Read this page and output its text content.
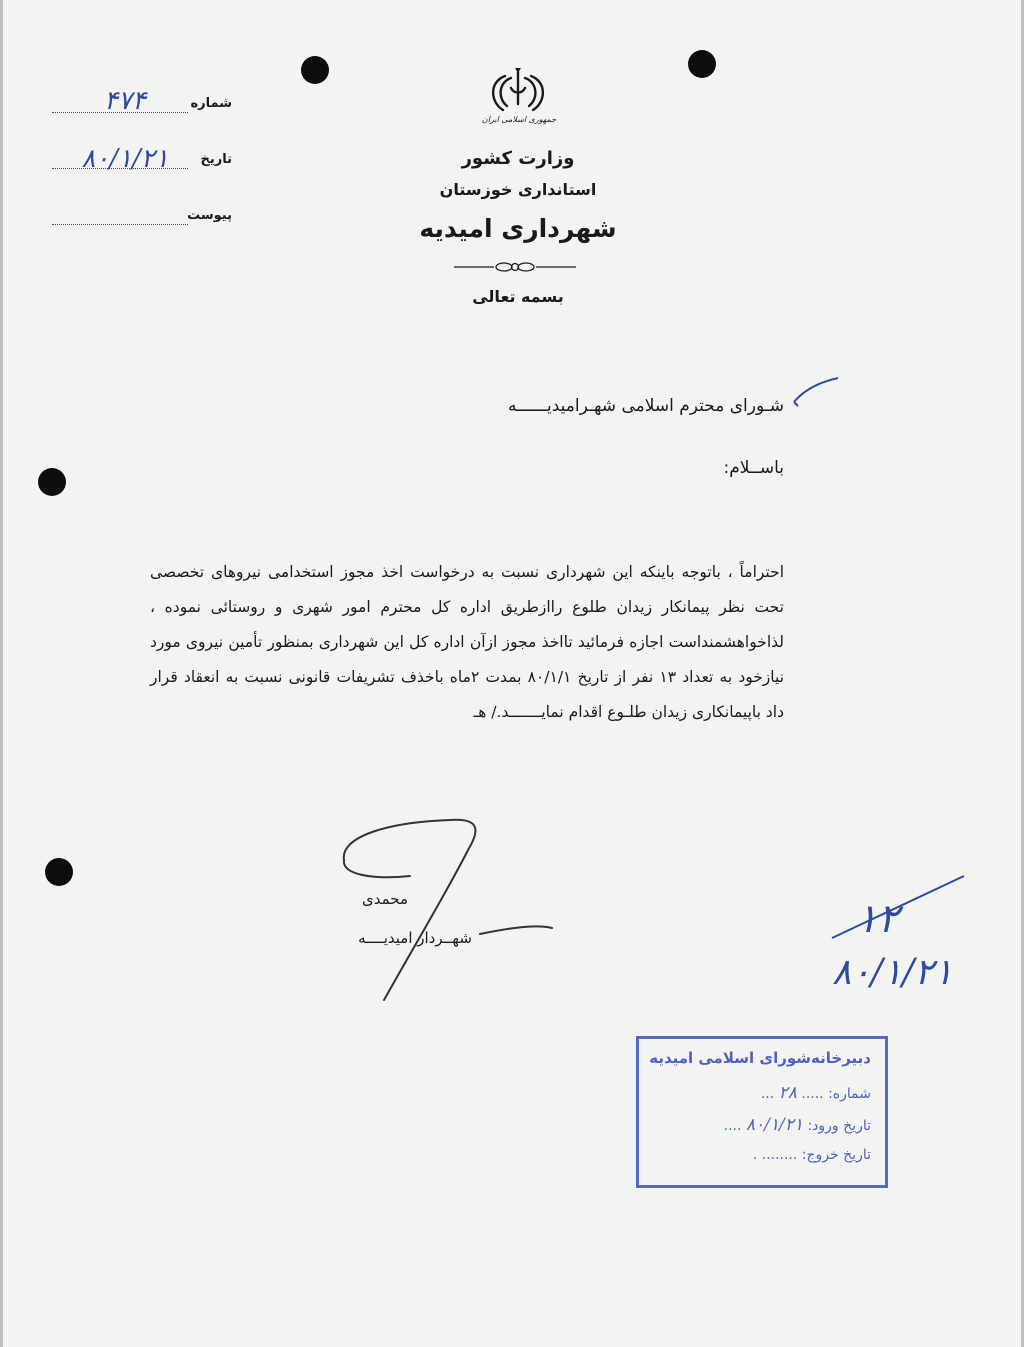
شماره
۴۷۴
تاریخ
۸۰/۱/۲۱
پیوست
جمهوری اسلامی ایران
وزارت کشور
استانداری خوزستان
شهرداری امیدیه
بسمه تعالی
شـورای محترم اسلامی شهـرامیدیــــــه
باســلام:
احتراماً ، باتوجه باینکه این شهرداری نسبت به درخواست اخذ مجوز استخدامی نیروهای تخصصی تحت نظر پیمانکار زیدان طلوع راازطریق اداره کل محترم امور شهری و روستائی نموده ، لذاخواهشمنداست اجازه فرمائید تااخذ مجوز ازآن اداره کل این شهرداری بمنظور تأمین نیروی مورد نیازخود به تعداد ۱۳ نفر از تاریخ ۸۰/۱/۱ بمدت ۲ماه باخذف تشریفات قانونی نسبت به انعقاد قرار داد باپیمانکاری زیدان طلـوع اقدام نمایـــــــد./ هـ
محمدی
شهــردار امیدیــــه	۱۲
۸۰/۱/۲۱
دبیرخانه‌شورای اسلامی امیدیه
شماره: ..... ۲۸ ...
تاریخ ورود: ۸۰/۱/۲۱ ....
تاریخ خروج: ........ .
